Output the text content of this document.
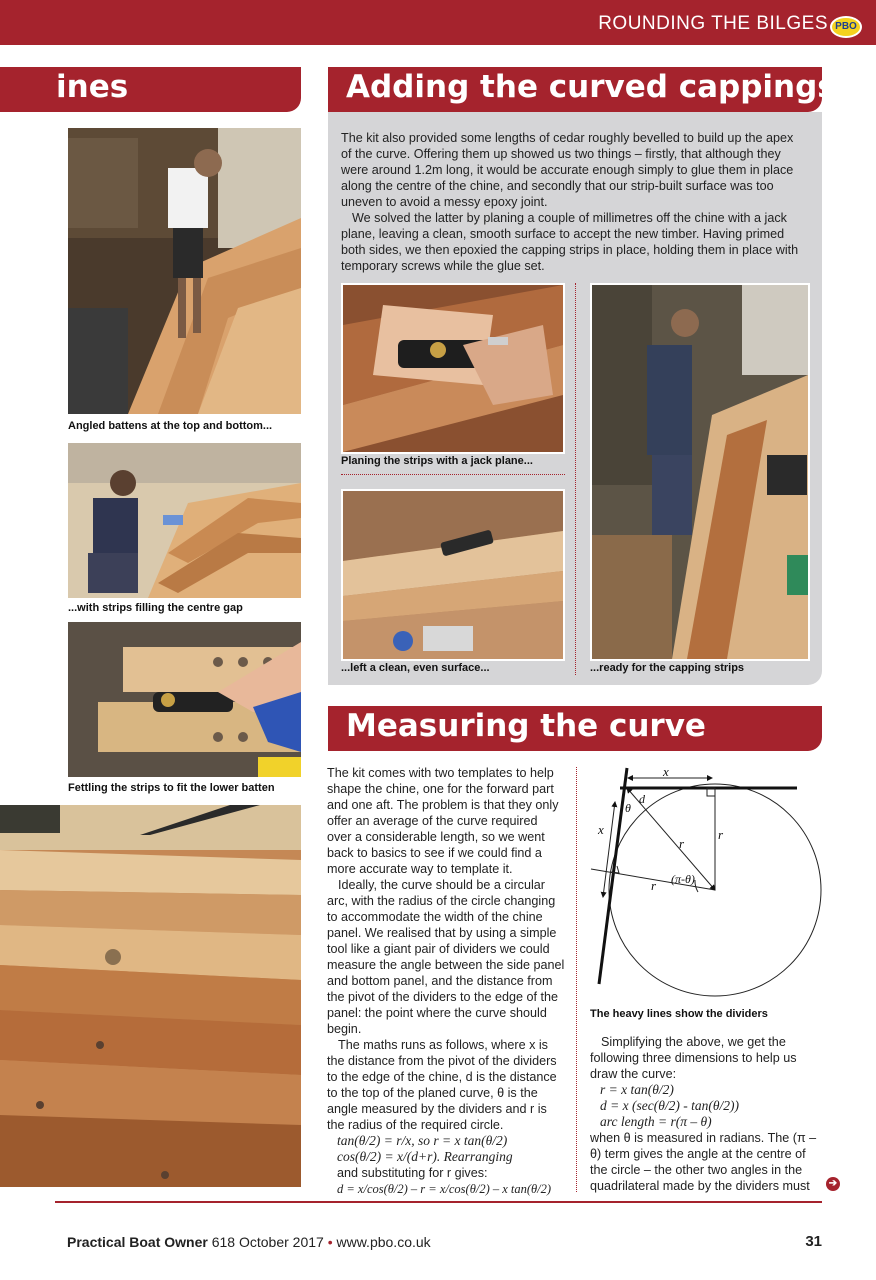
ROUNDING THE BILGES PBO
ines
Angled battens at the top and bottom...
...with strips filling the centre gap
Fettling the strips to fit the lower batten
Adding the curved cappings

The kit also provided some lengths of cedar roughly bevelled to build up the apex of the curve. Offering them up showed us two things – firstly, that although they were around 1.2m long, it would be accurate enough simply to glue them in place along the centre of the chine, and secondly that our strip-built surface was too uneven to avoid a messy epoxy joint.

We solved the latter by planing a couple of millimetres off the chine with a jack plane, leaving a clean, smooth surface to accept the new timber. Having primed both sides, we then epoxied the capping strips in place, holding them in place with temporary screws while the glue set.

Planing the strips with a jack plane...
...left a clean, even surface...	...ready for the capping strips
Measuring the curve

The kit comes with two templates to help shape the chine, one for the forward part and one aft. The problem is that they only offer an average of the curve required over a considerable length, so we went back to basics to see if we could find a more accurate way to template it.

Ideally, the curve should be a circular arc, with the radius of the circle changing to accommodate the width of the chine panel. We realised that by using a simple tool like a giant pair of dividers we could measure the angle between the side panel and bottom panel, and the distance from the pivot of the dividers to the edge of the panel: the point where the curve should begin.

The maths runs as follows, where x is the distance from the pivot of the dividers to the edge of the chine, d is the distance to the top of the planed curve, θ is the angle measured by the dividers and r is the radius of the required circle.

tan(θ/2) = r/x, so r = x tan(θ/2)
cos(θ/2) = x/(d+r). Rearranging
and substituting for r gives:
d = x/cos(θ/2) – r = x/cos(θ/2) – x tan(θ/2)
x
x
d
θ
r
r
r (π-θ)
The heavy lines show the dividers

Simplifying the above, we get the following three dimensions to help us draw the curve:

r = x tan(θ/2)
d = x (sec(θ/2) - tan(θ/2))
arc length = r(π – θ)

when θ is measured in radians. The (π – θ) term gives the angle at the centre of the circle – the other two angles in the quadrilateral made by the dividers must	➔
Practical Boat Owner 618 October 2017 • www.pbo.co.uk	31
